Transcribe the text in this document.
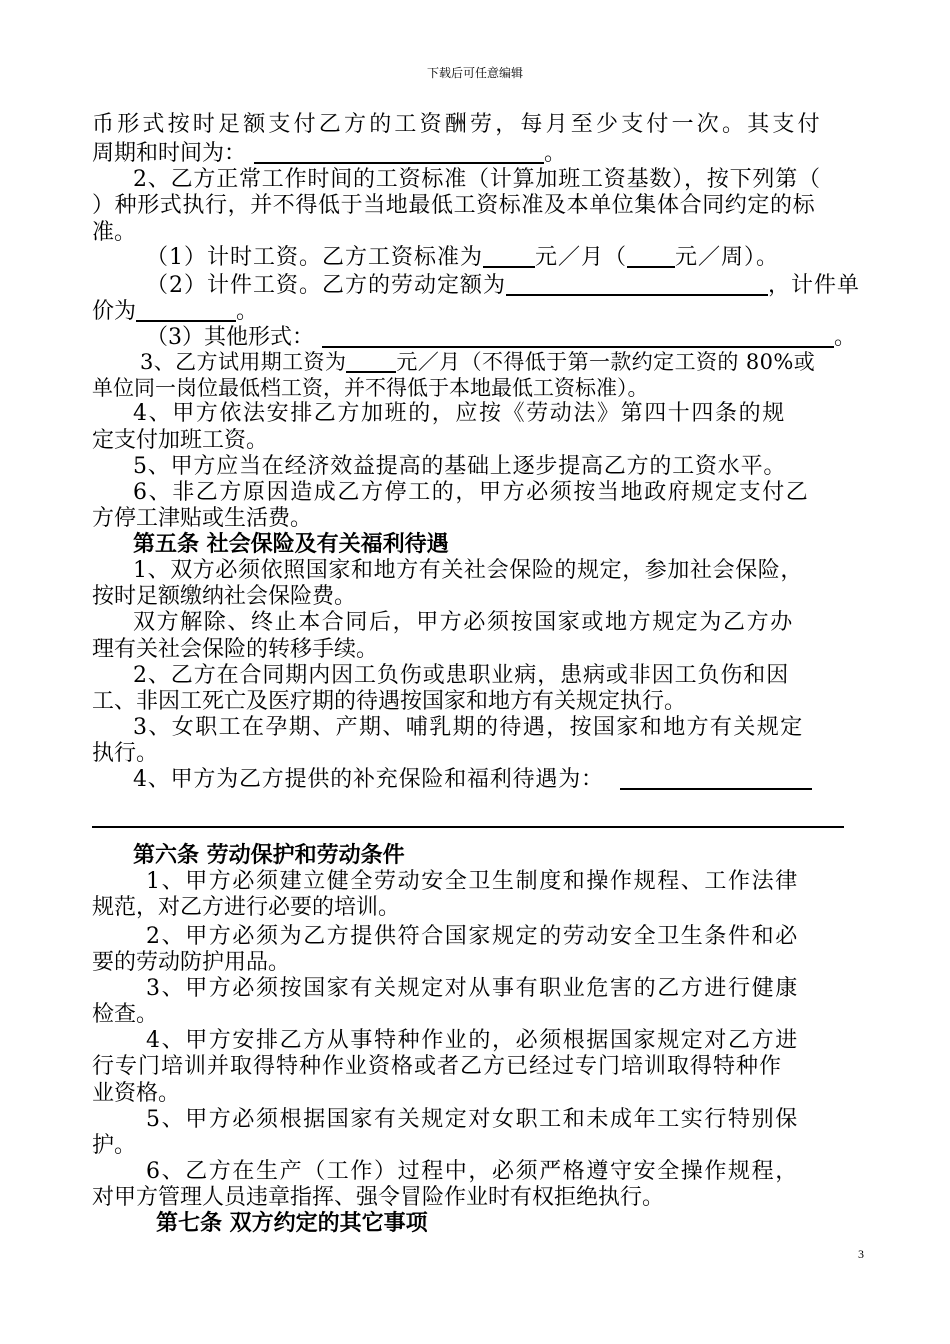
下载后可任意编辑
币形式按时足额支付乙方的工资酬劳，每月至少支付一次。其支付
周期和时间为：	。
2、乙方正常工作时间的工资标准（计算加班工资基数），按下列第（
）种形式执行，并不得低于当地最低工资标准及本单位集体合同约定的标
准。
（1）计时工资。乙方工资标准为 元／月（ 元／周）。
（2）计件工资。乙方的劳动定额为	，计件单
价为	。
（3）其他形式：	。
3、乙方试用期工资为 元／月（不得低于第一款约定工资的 80%或
单位同一岗位最低档工资，并不得低于本地最低工资标准）。
4、甲方依法安排乙方加班的，应按《劳动法》第四十四条的规
定支付加班工资。
5、甲方应当在经济效益提高的基础上逐步提高乙方的工资水平。
6、非乙方原因造成乙方停工的，甲方必须按当地政府规定支付乙
方停工津贴或生活费。
第五条 社会保险及有关福利待遇
1、双方必须依照国家和地方有关社会保险的规定，参加社会保险，
按时足额缴纳社会保险费。
双方解除、终止本合同后，甲方必须按国家或地方规定为乙方办
理有关社会保险的转移手续。
2、乙方在合同期内因工负伤或患职业病，患病或非因工负伤和因
工、非因工死亡及医疗期的待遇按国家和地方有关规定执行。
3、女职工在孕期、产期、哺乳期的待遇，按国家和地方有关规定
执行。
4、甲方为乙方提供的补充保险和福利待遇为：
第六条 劳动保护和劳动条件
1、甲方必须建立健全劳动安全卫生制度和操作规程、工作法律
规范，对乙方进行必要的培训。
2、甲方必须为乙方提供符合国家规定的劳动安全卫生条件和必
要的劳动防护用品。
3、甲方必须按国家有关规定对从事有职业危害的乙方进行健康
检查。
4、甲方安排乙方从事特种作业的，必须根据国家规定对乙方进
行专门培训并取得特种作业资格或者乙方已经过专门培训取得特种作
业资格。
5、甲方必须根据国家有关规定对女职工和未成年工实行特别保
护。
6、乙方在生产（工作）过程中，必须严格遵守安全操作规程，
对甲方管理人员违章指挥、强令冒险作业时有权拒绝执行。
第七条 双方约定的其它事项
3
